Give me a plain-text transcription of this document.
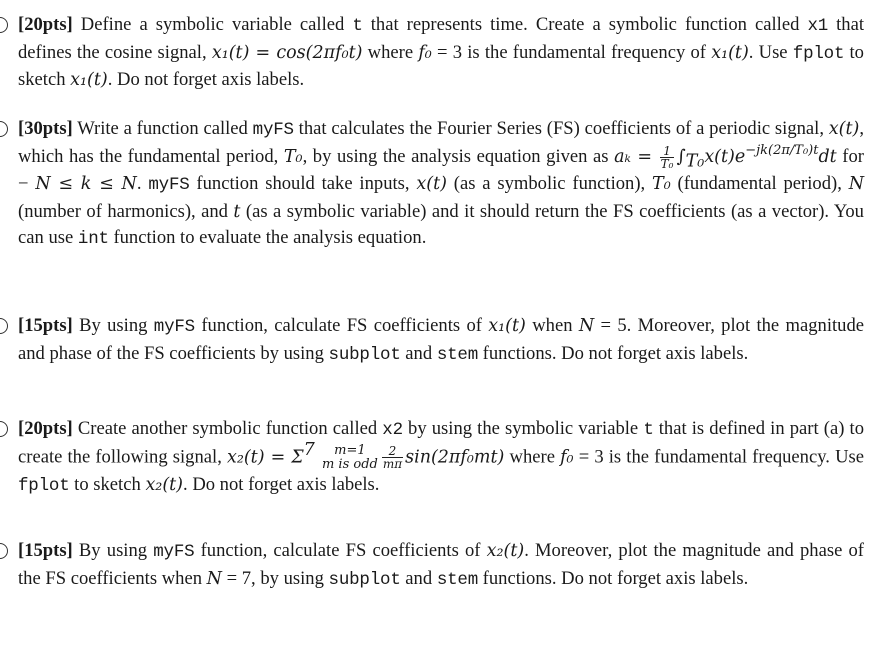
[20pts] Define a symbolic variable called t that represents time. Create a symbolic function called x1 that defines the cosine signal, x₁(t) = cos(2πf₀t) where f₀ = 3 is the fundamental frequency of x₁(t). Use fplot to sketch x₁(t). Do not forget axis labels.
[30pts] Write a function called myFS that calculates the Fourier Series (FS) coefficients of a periodic signal, x(t), which has the fundamental period, T₀, by using the analysis equation given as $a_k = \frac{1}{\text{T₀}} \int_{T_0}x(t)e^{-jk(2\pi/T_0)t}dt$ for − N ≤ k ≤ N. myFS function should take inputs, x(t) (as a symbolic function), T₀ (fundamental period), N (number of harmonics), and t (as a symbolic variable) and it should return the FS coefficients (as a vector). You can use int function to evaluate the analysis equation.
[15pts] By using myFS function, calculate FS coefficients of x₁(t) when N = 5. Moreover, plot the magnitude and phase of the FS coefficients by using subplot and stem functions. Do not forget axis labels.
[20pts] Create another symbolic function called x2 by using the symbolic variable t that is defined in part (a) to create the following signal, $x_2(t) = \Sigma^7$	m=1
m is odd $\frac{2}{m\pi} \sin(2\pi f_0mt)$ where f₀ = 3 is the fundamental frequency. Use fplot to sketch x₂(t). Do not forget axis labels.
[15pts] By using myFS function, calculate FS coefficients of x₂(t). Moreover, plot the magnitude and phase of the FS coefficients when N = 7, by using subplot and stem functions. Do not forget axis labels.
